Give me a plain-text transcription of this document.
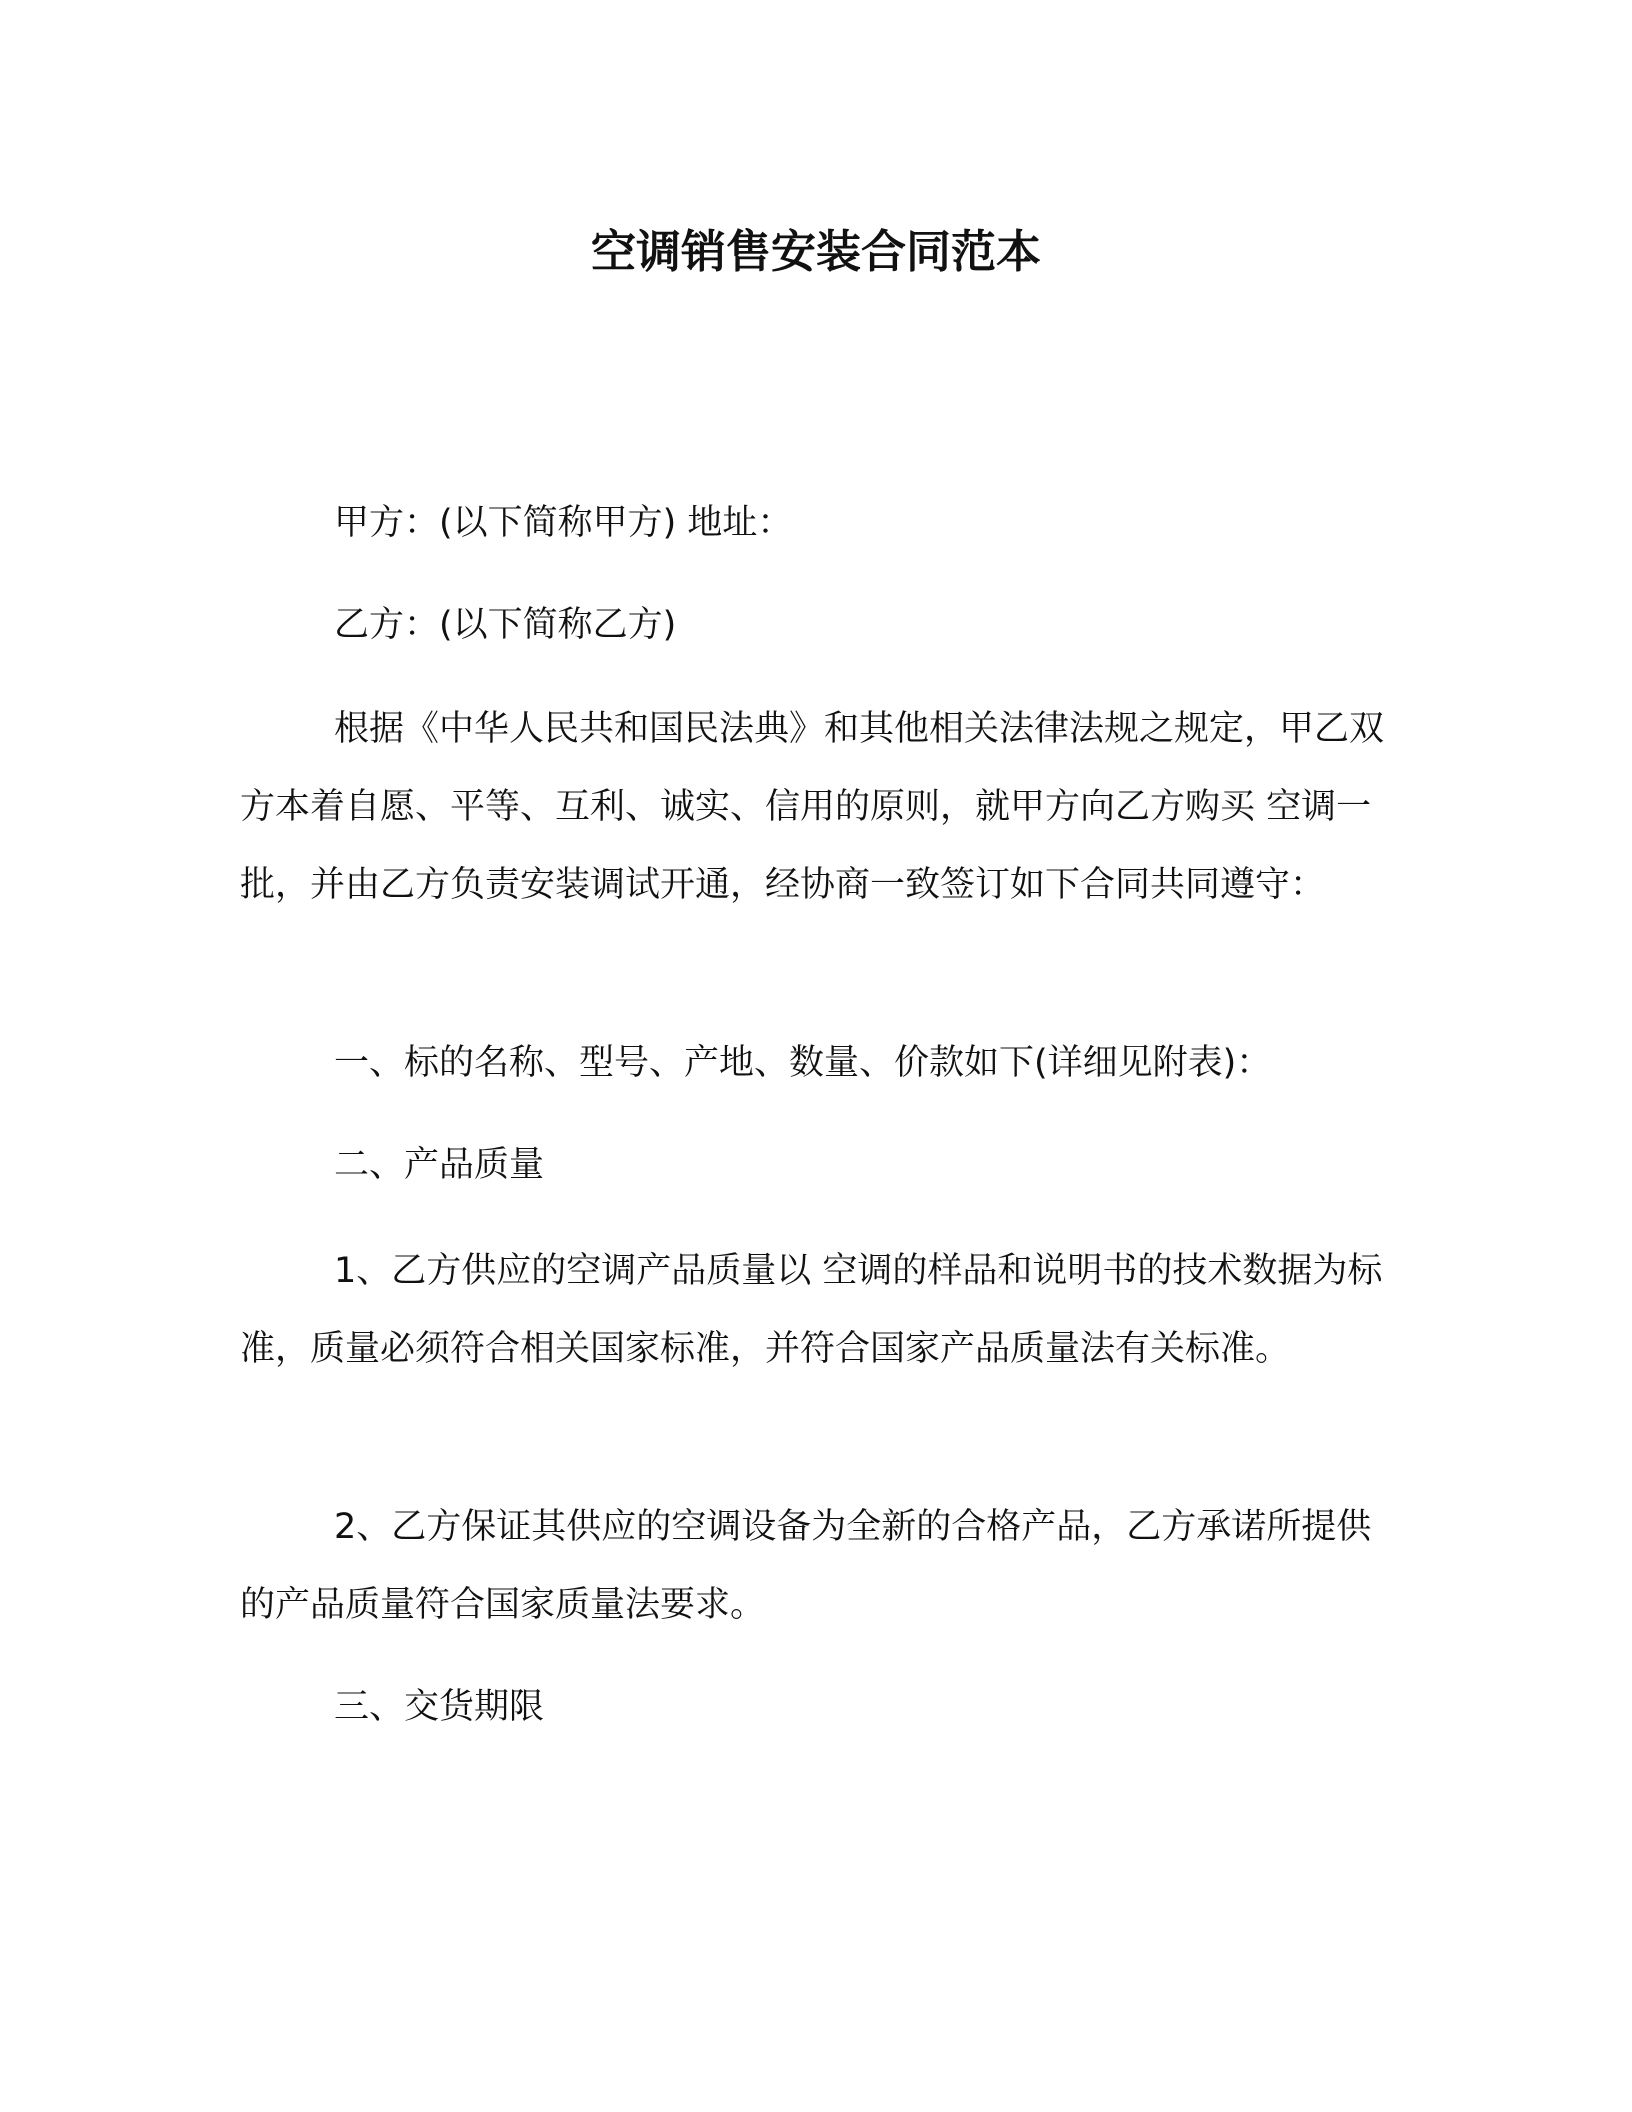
空调销售安装合同范本

甲方：(以下简称甲方) 地址：

乙方：(以下简称乙方)

根据《中华人民共和国民法典》和其他相关法律法规之规定，甲乙双方本着自愿、平等、互利、诚实、信用的原则，就甲方向乙方购买 空调一批，并由乙方负责安装调试开通，经协商一致签订如下合同共同遵守：

一、标的名称、型号、产地、数量、价款如下(详细见附表)：

二、产品质量

1、乙方供应的空调产品质量以 空调的样品和说明书的技术数据为标准，质量必须符合相关国家标准，并符合国家产品质量法有关标准。

2、乙方保证其供应的空调设备为全新的合格产品，乙方承诺所提供的产品质量符合国家质量法要求。

三、交货期限
